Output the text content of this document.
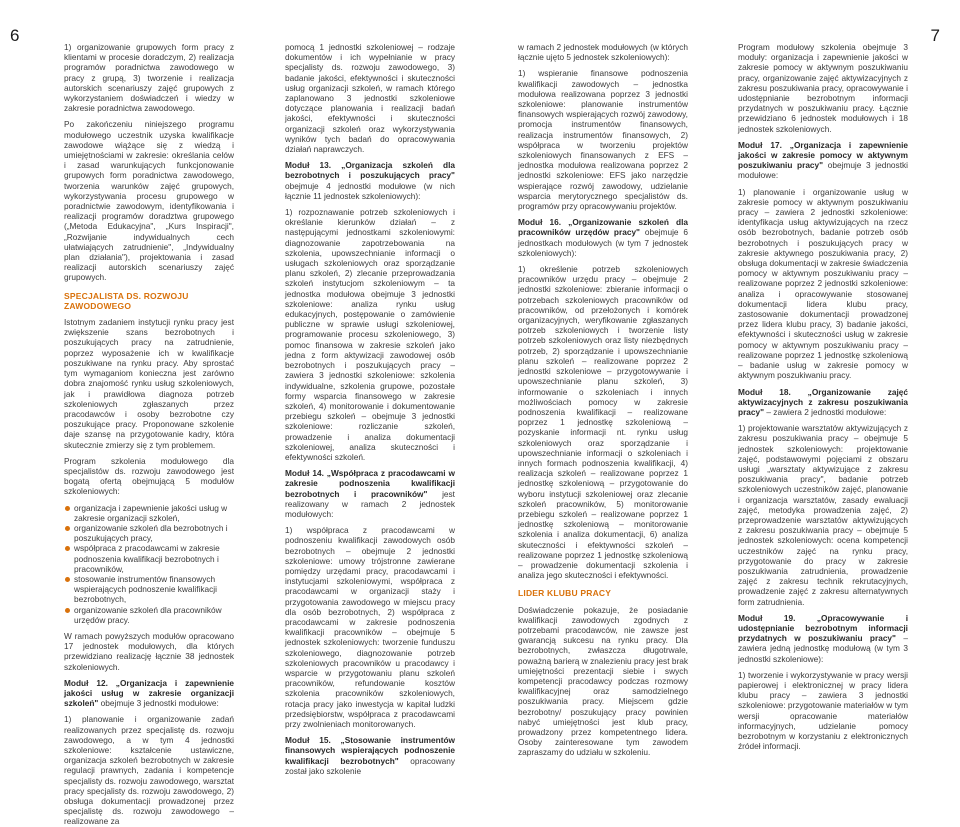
6	7

1) organizowanie grupowych form pracy z klientami w procesie doradczym, 2) realizacja programów poradnictwa zawodowego w pracy z grupą, 3) tworzenie i realizacja autorskich scenariuszy zajęć grupowych z wykorzystaniem doświadczeń i wiedzy w zakresie poradnictwa zawodowego.

Po zakończeniu niniejszego programu modułowego uczestnik uzyska kwalifikacje zawodowe wiążące się z wiedzą i umiejętnościami w zakresie: określania celów i zasad warunkujących funkcjonowanie grupowych form poradnictwa zawodowego, tworzenia warunków zajęć grupowych, wykorzystywania procesu grupowego w poradnictwie zawodowym, identyfikowania i realizacji programów doradztwa grupowego („Metoda Edukacyjna", „Kurs Inspiracji", „Rozwijanie indywidualnych cech ułatwiających zatrudnienie", „Indywidualny plan działania"), projektowania i zasad realizacji autorskich scenariuszy zajęć grupowych.

SPECJALISTA DS. ROZWOJU ZAWODOWEGO

Istotnym zadaniem instytucji rynku pracy jest zwiększenie szans bezrobotnych i poszukujących pracy na zatrudnienie, poprzez wyposażenie ich w kwalifikacje poszukiwane na rynku pracy. Aby sprostać tym wymaganiom konieczna jest zarówno dobra znajomość rynku usług szkoleniowych, jak i prawidłowa diagnoza potrzeb szkoleniowych zgłaszanych przez pracodawców i osoby bezrobotne czy poszukujące pracy. Proponowane szkolenie daje szansę na przygotowanie kadry, która skutecznie zmierzy się z tym problemem.

Program szkolenia modułowego dla specjalistów ds. rozwoju zawodowego jest bogatą ofertą obejmującą 5 modułów szkoleniowych:

organizacja i zapewnienie jakości usług w zakresie organizacji szkoleń,
organizowanie szkoleń dla bezrobotnych i poszukujących pracy,
współpraca z pracodawcami w zakresie podnoszenia kwalifikacji bezrobotnych i pracowników,
stosowanie instrumentów finansowych wspierających podnoszenie kwalifikacji bezrobotnych,
organizowanie szkoleń dla pracowników urzędów pracy.

W ramach powyższych modułów opracowano 17 jednostek modułowych, dla których przewidziano realizację łącznie 38 jednostek szkoleniowych.

Moduł 12. „Organizacja i zapewnienie jakości usług w zakresie organizacji szkoleń" obejmuje 3 jednostki modułowe:

1) planowanie i organizowanie zadań realizowanych przez specjalistę ds. rozwoju zawodowego, a w tym 4 jednostki szkoleniowe: kształcenie ustawiczne, organizacja szkoleń bezrobotnych w zakresie regulacji prawnych, zadania i kompetencje specjalisty ds. rozwoju zawodowego, warsztat pracy specjalisty ds. rozwoju zawodowego, 2) obsługa dokumentacji prowadzonej przez specjalistę ds. rozwoju zawodowego – realizowane za

pomocą 1 jednostki szkoleniowej – rodzaje dokumentów i ich wypełnianie w pracy specjalisty ds. rozwoju zawodowego, 3) badanie jakości, efektywności i skuteczności usług organizacji szkoleń, w ramach którego zaplanowano 3 jednostki szkoleniowe dotyczące planowania i realizacji badań jakości, efektywności i skuteczności organizacji szkoleń oraz wykorzystywania wyników tych badań do opracowywania działań naprawczych.

Moduł 13. „Organizacja szkoleń dla bezrobotnych i poszukujących pracy" obejmuje 4 jednostki modułowe (w nich łącznie 11 jednostek szkoleniowych):

1) rozpoznawanie potrzeb szkoleniowych i określanie kierunków działań – z następującymi jednostkami szkoleniowymi: diagnozowanie zapotrzebowania na szkolenia, upowszechnianie informacji o usługach szkoleniowych oraz sporządzanie planu szkoleń, 2) zlecanie przeprowadzania szkoleń instytucjom szkoleniowym – ta jednostka modułowa obejmuje 3 jednostki szkoleniowe: analiza rynku usług edukacyjnych, postępowanie o zamówienie publiczne w sprawie usługi szkoleniowej, programowanie procesu szkoleniowego, 3) pomoc finansowa w zakresie szkoleń jako jedna z form aktywizacji zawodowej osób bezrobotnych i poszukujących pracy – zawiera 3 jednostki szkoleniowe: szkolenia indywidualne, szkolenia grupowe, pozostałe formy wsparcia finansowego w zakresie szkoleń, 4) monitorowanie i dokumentowanie przebiegu szkoleń – obejmuje 3 jednostki szkoleniowe: rozliczanie szkoleń, prowadzenie i analiza dokumentacji szkoleniowej, analiza skuteczności i efektywności szkoleń.

Moduł 14. „Współpraca z pracodawcami w zakresie podnoszenia kwalifikacji bezrobotnych i pracowników" jest realizowany w ramach 2 jednostek modułowych:

1) współpraca z pracodawcami w podnoszeniu kwalifikacji zawodowych osób bezrobotnych – obejmuje 2 jednostki szkoleniowe: umowy trójstronne zawierane pomiędzy urzędami pracy, pracodawcami i instytucjami szkoleniowymi, współpraca z pracodawcami w organizacji staży i przygotowania zawodowego w miejscu pracy dla osób bezrobotnych, 2) współpraca z pracodawcami w zakresie podnoszenia kwalifikacji pracowników – obejmuje 5 jednostek szkoleniowych: tworzenie funduszu szkoleniowego, diagnozowanie potrzeb szkoleniowych pracowników u pracodawcy i wsparcie w przygotowaniu planu szkoleń pracowników, refundowanie kosztów szkolenia pracowników szkoleniowych, rotacja pracy jako inwestycja w kapitał ludzki przedsiębiorstw, współpraca z pracodawcami przy zwolnieniach monitorowanych.

Moduł 15. „Stosowanie instrumentów finansowych wspierających podnoszenie kwalifikacji bezrobotnych" opracowany został jako szkolenie

w ramach 2 jednostek modułowych (w których łącznie ujęto 5 jednostek szkoleniowych):

1) wspieranie finansowe podnoszenia kwalifikacji zawodowych – jednostka modułowa realizowana poprzez 3 jednostki szkoleniowe: planowanie instrumentów finansowych wspierających rozwój zawodowy, promocja instrumentów finansowych, realizacja instrumentów finansowych, 2) współpraca w tworzeniu projektów szkoleniowych finansowanych z EFS – jednostka modułowa realizowana poprzez 2 jednostki szkoleniowe: EFS jako narzędzie wspierające rozwój zawodowy, udzielanie wsparcia merytorycznego specjalistów ds. programów przy opracowywaniu projektów.

Moduł 16. „Organizowanie szkoleń dla pracowników urzędów pracy" obejmuje 6 jednostkach modułowych (w tym 7 jednostek szkoleniowych):

1) określenie potrzeb szkoleniowych pracowników urzędu pracy – obejmuje 2 jednostki szkoleniowe: zbieranie informacji o potrzebach szkoleniowych pracowników od pracowników, od przełożonych i komórek organizacyjnych, weryfikowanie zgłaszanych potrzeb szkoleniowych i tworzenie listy potrzeb szkoleniowych oraz listy niezbędnych potrzeb, 2) sporządzanie i upowszechnianie planu szkoleń – realizowane poprzez 2 jednostki szkoleniowe – przygotowywanie i upowszechnianie planu szkoleń, 3) informowanie o szkoleniach i innych możliwościach pomocy w zakresie podnoszenia kwalifikacji – realizowane poprzez 1 jednostkę szkoleniową – pozyskanie informacji nt. rynku usług szkoleniowych oraz sporządzanie i upowszechnianie informacji o szkoleniach i innych formach podnoszenia kwalifikacji, 4) realizacja szkoleń – realizowane poprzez 1 jednostkę szkoleniową – przygotowanie do wyboru instytucji szkoleniowej oraz zlecanie szkoleń pracowników, 5) monitorowanie przebiegu szkoleń – realizowane poprzez 1 jednostkę szkoleniową – monitorowanie szkolenia i analiza dokumentacji, 6) analiza skuteczności i efektywności szkoleń – realizowane poprzez 1 jednostkę szkoleniową – prowadzenie dokumentacji szkolenia i analiza jego skuteczności i efektywności.

LIDER KLUBU PRACY

Doświadczenie pokazuje, że posiadanie kwalifikacji zawodowych zgodnych z potrzebami pracodawców, nie zawsze jest gwarancją sukcesu na rynku pracy. Dla bezrobotnych, zwłaszcza długotrwale, poważną barierą w znalezieniu pracy jest brak umiejętności prezentacji siebie i swych kompetencji pracodawcy podczas rozmowy kwalifikacyjnej oraz samodzielnego poszukiwania pracy. Miejscem gdzie bezrobotny/ poszukujący pracy powinien nabyć umiejętności jest klub pracy, prowadzony przez kompetentnego lidera. Osoby zainteresowane tym zawodem zapraszamy do udziału w szkoleniu.

Program modułowy szkolenia obejmuje 3 moduły: organizacja i zapewnienie jakości w zakresie pomocy w aktywnym poszukiwaniu pracy, organizowanie zajęć aktywizacyjnych z zakresu poszukiwania pracy, opracowywanie i udostępnianie bezrobotnym informacji przydatnych w poszukiwaniu pracy. Łącznie przewidziano 6 jednostek modułowych i 18 jednostek szkoleniowych.

Moduł 17. „Organizacja i zapewnienie jakości w zakresie pomocy w aktywnym poszukiwaniu pracy" obejmuje 3 jednostki modułowe:

1) planowanie i organizowanie usług w zakresie pomocy w aktywnym poszukiwaniu pracy – zawiera 2 jednostki szkoleniowe: identyfikacja usług aktywizujących na rzecz osób bezrobotnych, badanie potrzeb osób bezrobotnych i poszukujących pracy w zakresie aktywnego poszukiwania pracy, 2) obsługa dokumentacji w zakresie świadczenia pomocy w aktywnym poszukiwaniu pracy – realizowane poprzez 2 jednostki szkoleniowe: analiza i opracowywanie stosowanej dokumentacji lidera klubu pracy, zastosowanie dokumentacji prowadzonej przez lidera klubu pracy, 3) badanie jakości, efektywności i skuteczności usług w zakresie pomocy w aktywnym poszukiwaniu pracy – realizowane poprzez 1 jednostkę szkoleniową – badanie usług w zakresie pomocy w aktywnym poszukiwaniu pracy.

Moduł 18. „Organizowanie zajęć aktywizacyjnych z zakresu poszukiwania pracy" – zawiera 2 jednostki modułowe:

1) projektowanie warsztatów aktywizujących z zakresu poszukiwania pracy – obejmuje 5 jednostek szkoleniowych: projektowanie zajęć, podstawowymi pojęciami z obszaru usługi „warsztaty aktywizujące z zakresu poszukiwania pracy", badanie potrzeb szkoleniowych uczestników zajęć, planowanie i organizacja warsztatów, zasady ewaluacji zajęć, metodyka prowadzenia zajęć, 2) przeprowadzenie warsztatów aktywizujących z zakresu poszukiwania pracy – obejmuje 5 jednostek szkoleniowych: ocena kompetencji uczestników zajęć na rynku pracy, przygotowanie do pracy w zakresie poszukiwania zatrudnienia, prowadzenie zajęć z zakresu technik rekrutacyjnych, prowadzenie zajęć z zakresu alternatywnych form zatrudnienia.

Moduł 19. „Opracowywanie i udostępnianie bezrobotnym informacji przydatnych w poszukiwaniu pracy" – zawiera jedną jednostkę modułową (w tym 3 jednostki szkoleniowe):

1) tworzenie i wykorzystywanie w pracy wersji papierowej i elektronicznej w pracy lidera klubu pracy – zawiera 3 jednostki szkoleniowe: przygotowanie materiałów w tym wersji opracowanie materiałów informacyjnych, udzielanie pomocy bezrobotnym w korzystaniu z elektronicznych źródeł informacji.
